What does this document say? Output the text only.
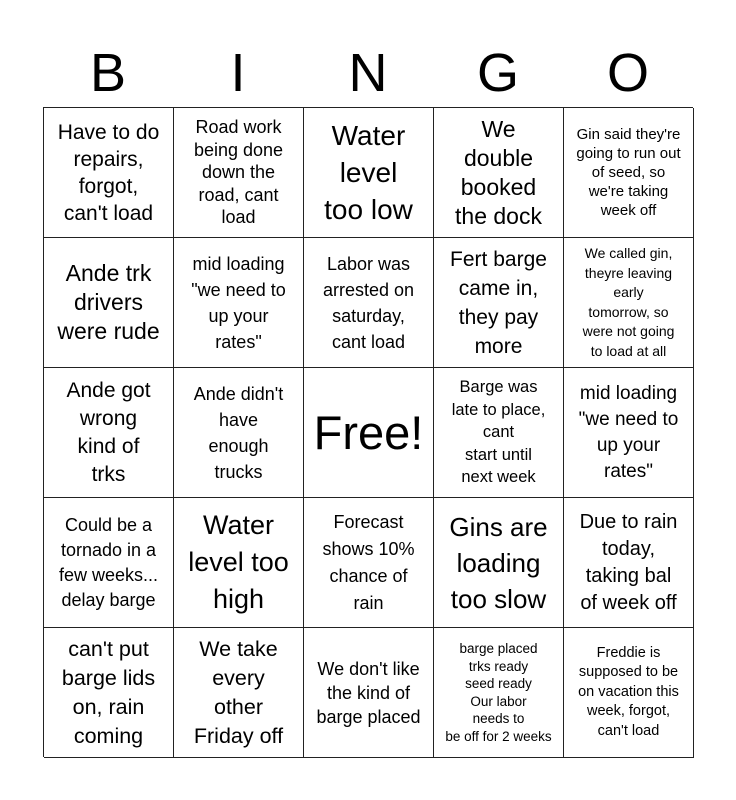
B	I	N	G	O
Have to do
repairs,
forgot,
can't load
Road work
being done
down the
road, cant
load
Water
level
too low
We
double
booked
the dock
Gin said they're
going to run out
of seed, so
we're taking
week off
Ande trk
drivers
were rude
mid loading
"we need to
up your
rates"
Labor was
arrested on
saturday,
cant load
Fert barge
came in,
they pay
more
We called gin,
theyre leaving
early
tomorrow, so
were not going
to load at all
Ande got
wrong
kind of
trks
Ande didn't
have
enough
trucks
Free!
Barge was
late to place,
cant
start until
next week
mid loading
"we need to
up your
rates"
Could be a
tornado in a
few weeks...
delay barge
Water
level too
high
Forecast
shows 10%
chance of
rain
Gins are
loading
too slow
Due to rain
today,
taking bal
of week off
can't put
barge lids
on, rain
coming
We take
every
other
Friday off
We don't like
the kind of
barge placed
barge placed
trks ready
seed ready
Our labor
needs to
be off for 2 weeks
Freddie is
supposed to be
on vacation this
week, forgot,
can't load
